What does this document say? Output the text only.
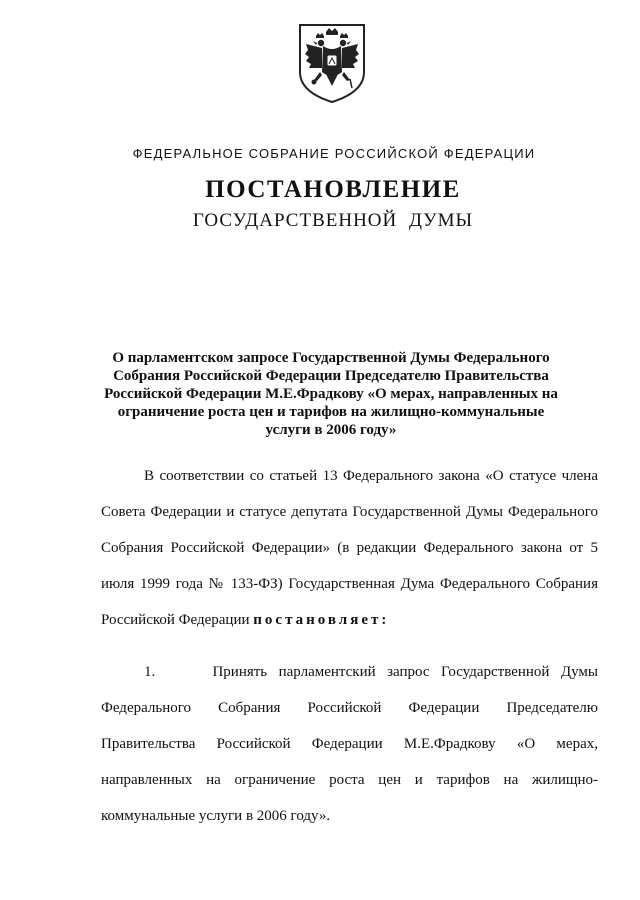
ФЕДЕРАЛЬНОЕ СОБРАНИЕ РОССИЙСКОЙ ФЕДЕРАЦИИ
ПОСТАНОВЛЕНИЕ
ГОСУДАРСТВЕННОЙ ДУМЫ
О парламентском запросе Государственной Думы Федерального Собрания Российской Федерации Председателю Правительства Российской Федерации М.Е.Фрадкову «О мерах, направленных на ограничение роста цен и тарифов на жилищно-коммунальные услуги в 2006 году»

В соответствии со статьей 13 Федерального закона «О статусе члена Совета Федерации и статусе депутата Государственной Думы Федерального Собрания Российской Федерации» (в редакции Федерального закона от 5 июля 1999 года № 133-ФЗ) Государственная Дума Федерального Собрания Российской Федерации постановляет:

1.	Принять парламентский запрос Государственной Думы Федерального Собрания Российской Федерации Председателю Правительства Российской Федерации М.Е.Фрадкову «О мерах, направленных на ограничение роста цен и тарифов на жилищно-коммунальные услуги в 2006 году».
